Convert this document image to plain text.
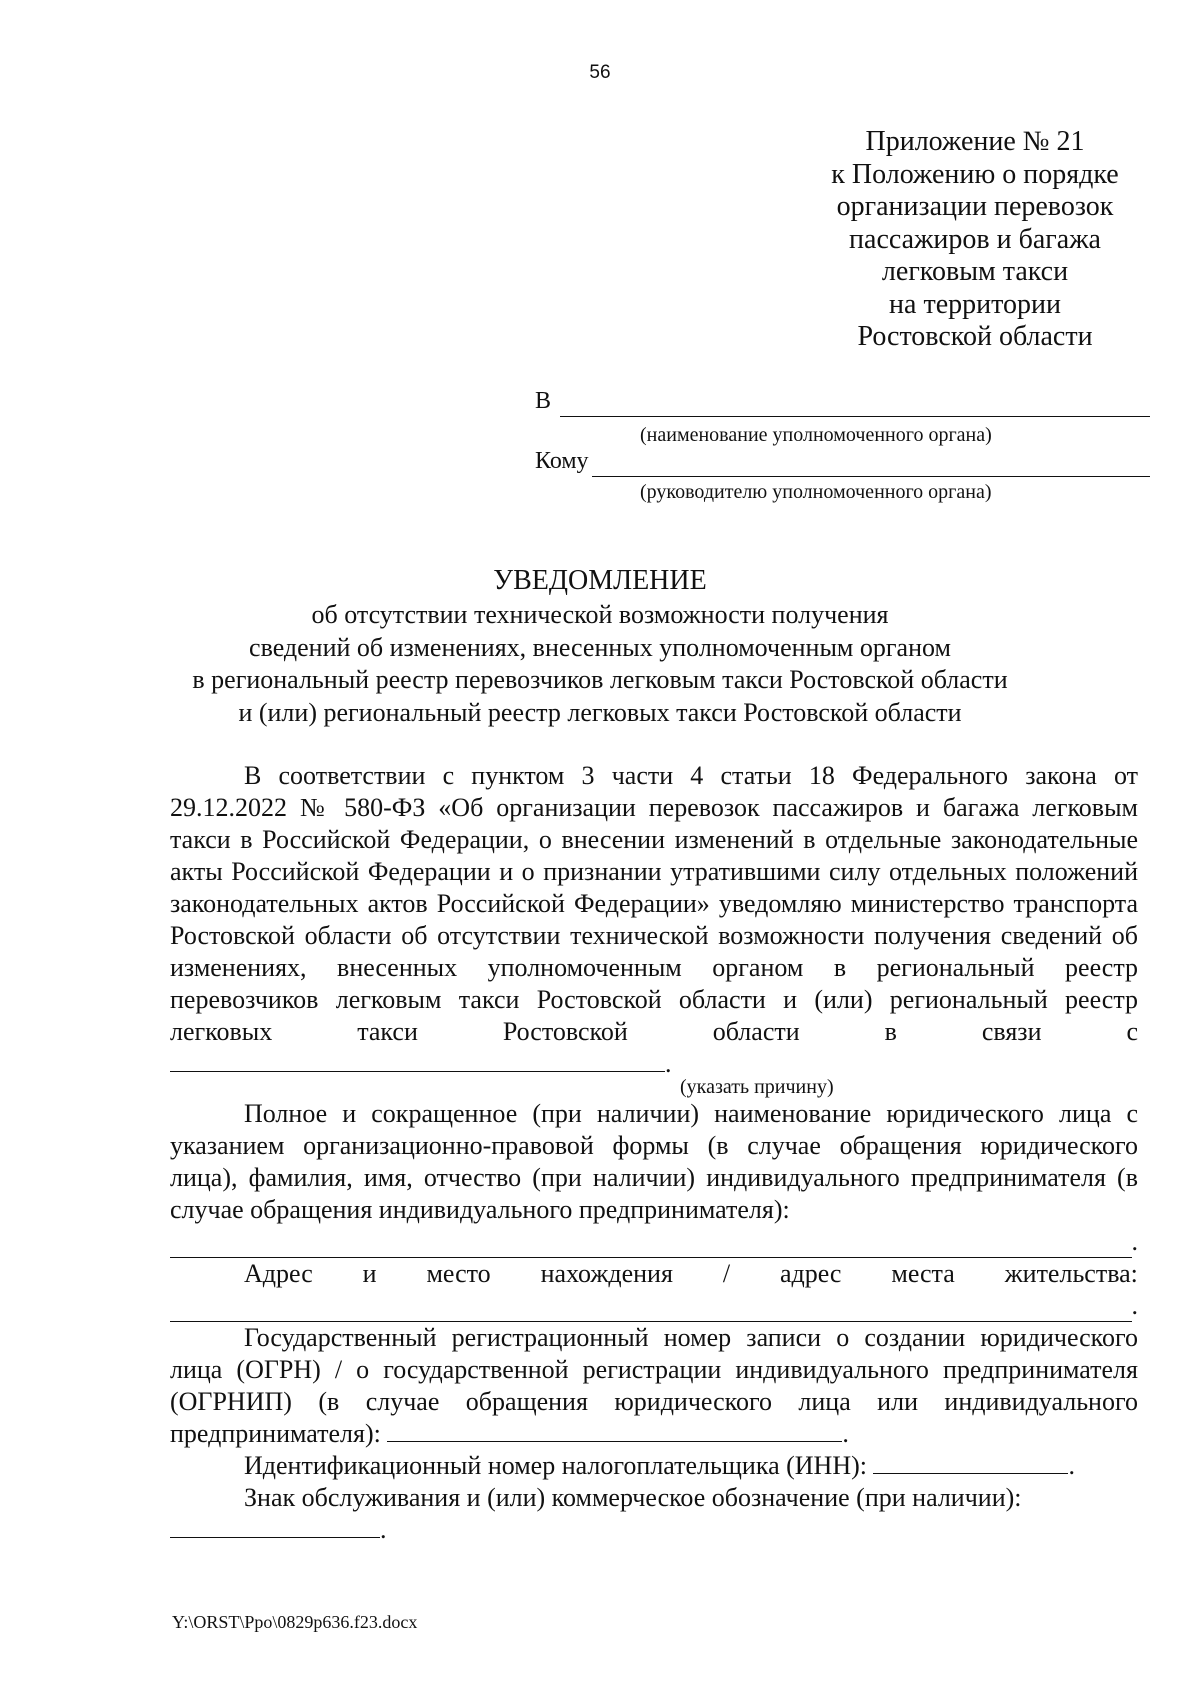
56
Приложение № 21
к Положению о порядке
организации перевозок
пассажиров и багажа
легковым такси
на территории
Ростовской области
В
(наименование уполномоченного органа)
Кому
(руководителю уполномоченного органа)
УВЕДОМЛЕНИЕ
об отсутствии технической возможности получения
сведений об изменениях, внесенных уполномоченным органом
в региональный реестр перевозчиков легковым такси Ростовской области
и (или) региональный реестр легковых такси Ростовской области
В соответствии с пунктом 3 части 4 статьи 18 Федерального закона от 29.12.2022 № 580-ФЗ «Об организации перевозок пассажиров и багажа легковым такси в Российской Федерации, о внесении изменений в отдельные законодательные акты Российской Федерации и о признании утратившими силу отдельных положений законодательных актов Российской Федерации» уведомляю министерство транспорта Ростовской области об отсутствии технической возможности получения сведений об изменениях, внесенных уполномоченным органом в региональный реестр перевозчиков легковым такси Ростовской области и (или) региональный реестр легковых такси Ростовской области в связи с .
(указать причину)
Полное и сокращенное (при наличии) наименование юридического лица с указанием организационно-правовой формы (в случае обращения юридического лица), фамилия, имя, отчество (при наличии) индивидуального предпринимателя (в случае обращения индивидуального предпринимателя):
.
Адрес и место нахождения / адрес места жительства:
.
Государственный регистрационный номер записи о создании юридического лица (ОГРН) / о государственной регистрации индивидуального предпринимателя (ОГРНИП) (в случае обращения юридического лица или индивидуального предпринимателя):	.
Идентификационный номер налогоплательщика (ИНН):	.
Знак обслуживания и (или) коммерческое обозначение (при наличии):
.
Y:\ORST\Ppo\0829p636.f23.docx
